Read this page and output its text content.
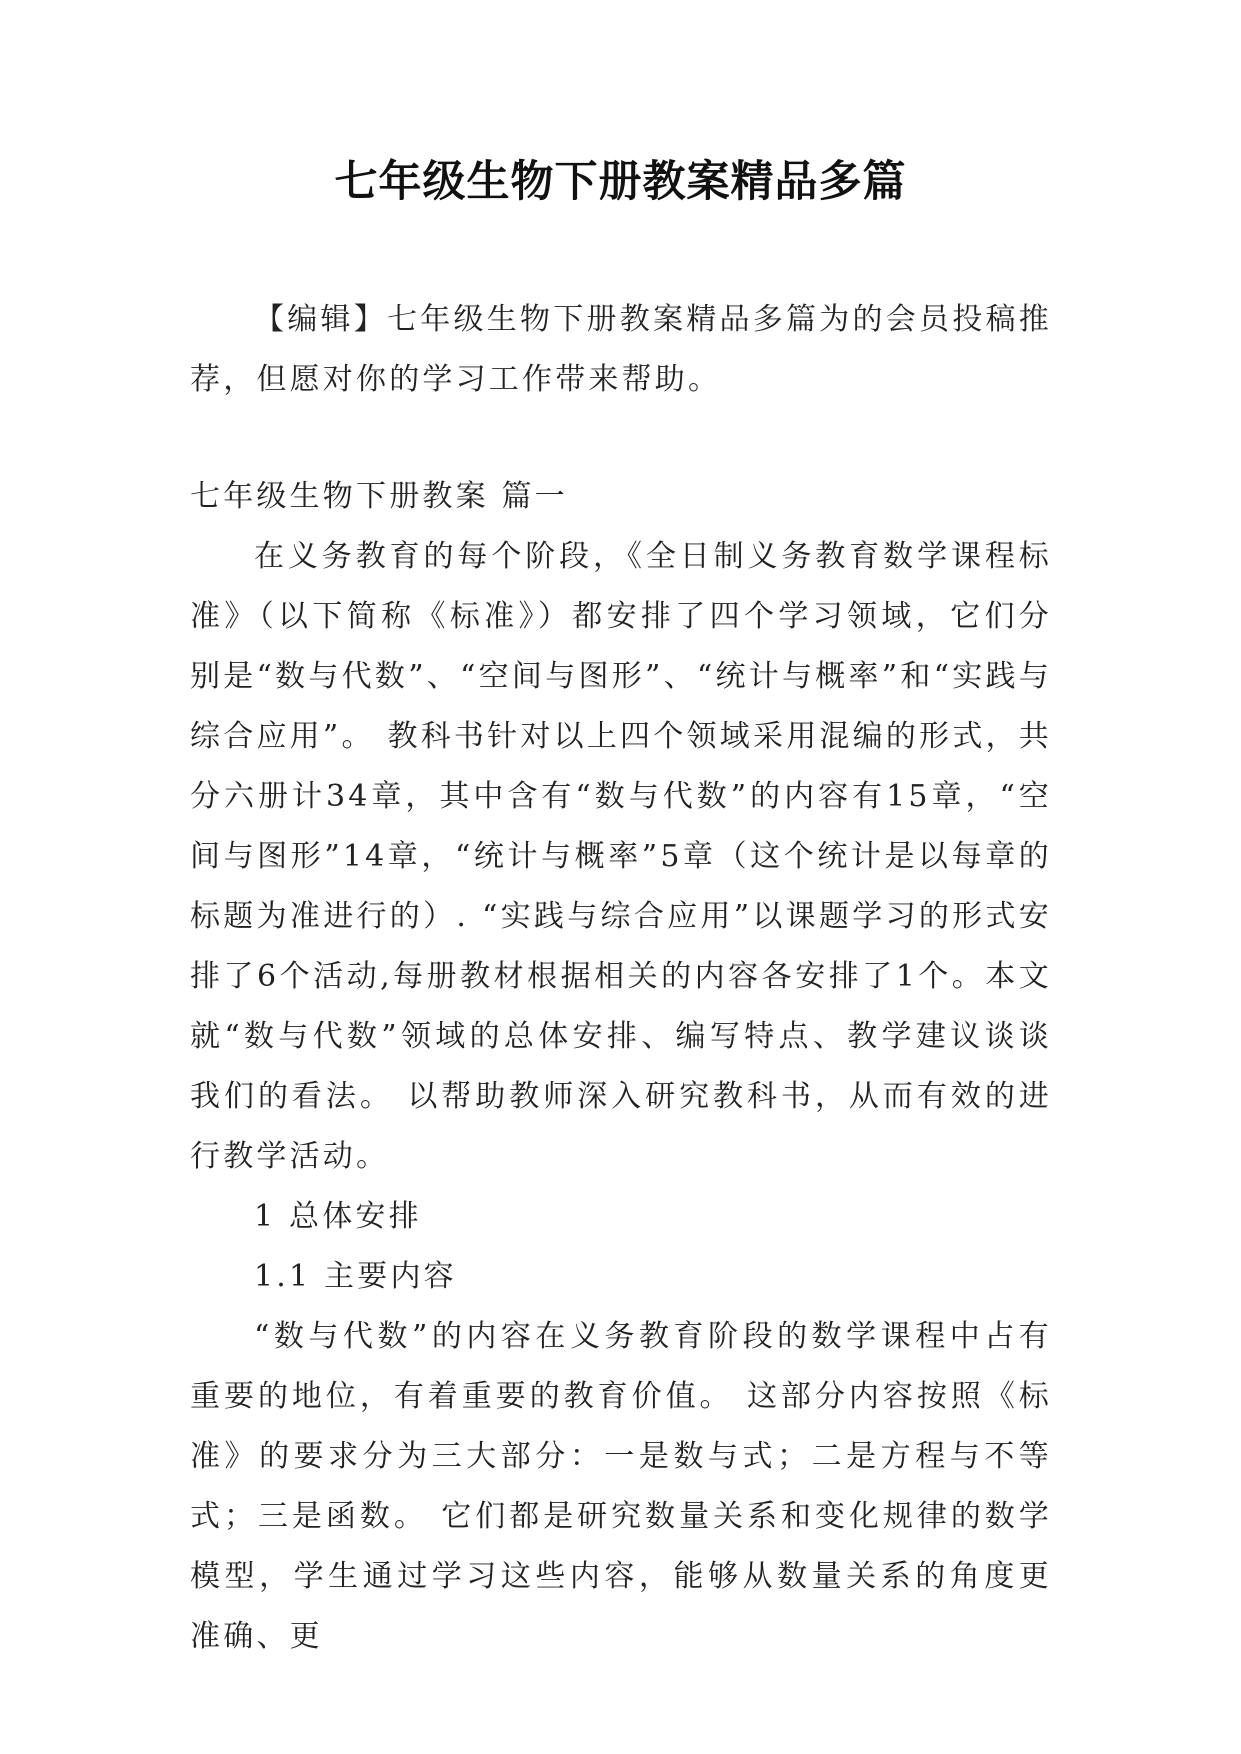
七年级生物下册教案精品多篇

【编辑】七年级生物下册教案精品多篇为的会员投稿推荐，但愿对你的学习工作带来帮助。

七年级生物下册教案 篇一

在义务教育的每个阶段，《全日制义务教育数学课程标准》（以下简称《标准》）都安排了四个学习领域，它们分别是“数与代数”、“空间与图形”、“统计与概率”和“实践与综合应用”。 教科书针对以上四个领域采用混编的形式，共分六册计34章，其中含有“数与代数”的内容有15章，“空间与图形”14章，“统计与概率”5章（这个统计是以每章的标题为准进行的）. “实践与综合应用”以课题学习的形式安排了6个活动,每册教材根据相关的内容各安排了1个。本文就“数与代数”领域的总体安排、编写特点、教学建议谈谈我们的看法。 以帮助教师深入研究教科书，从而有效的进行教学活动。

1 总体安排

1.1 主要内容

“数与代数”的内容在义务教育阶段的数学课程中占有重要的地位，有着重要的教育价值。 这部分内容按照《标准》的要求分为三大部分：一是数与式；二是方程与不等式；三是函数。 它们都是研究数量关系和变化规律的数学模型，学生通过学习这些内容，能够从数量关系的角度更准确、更
